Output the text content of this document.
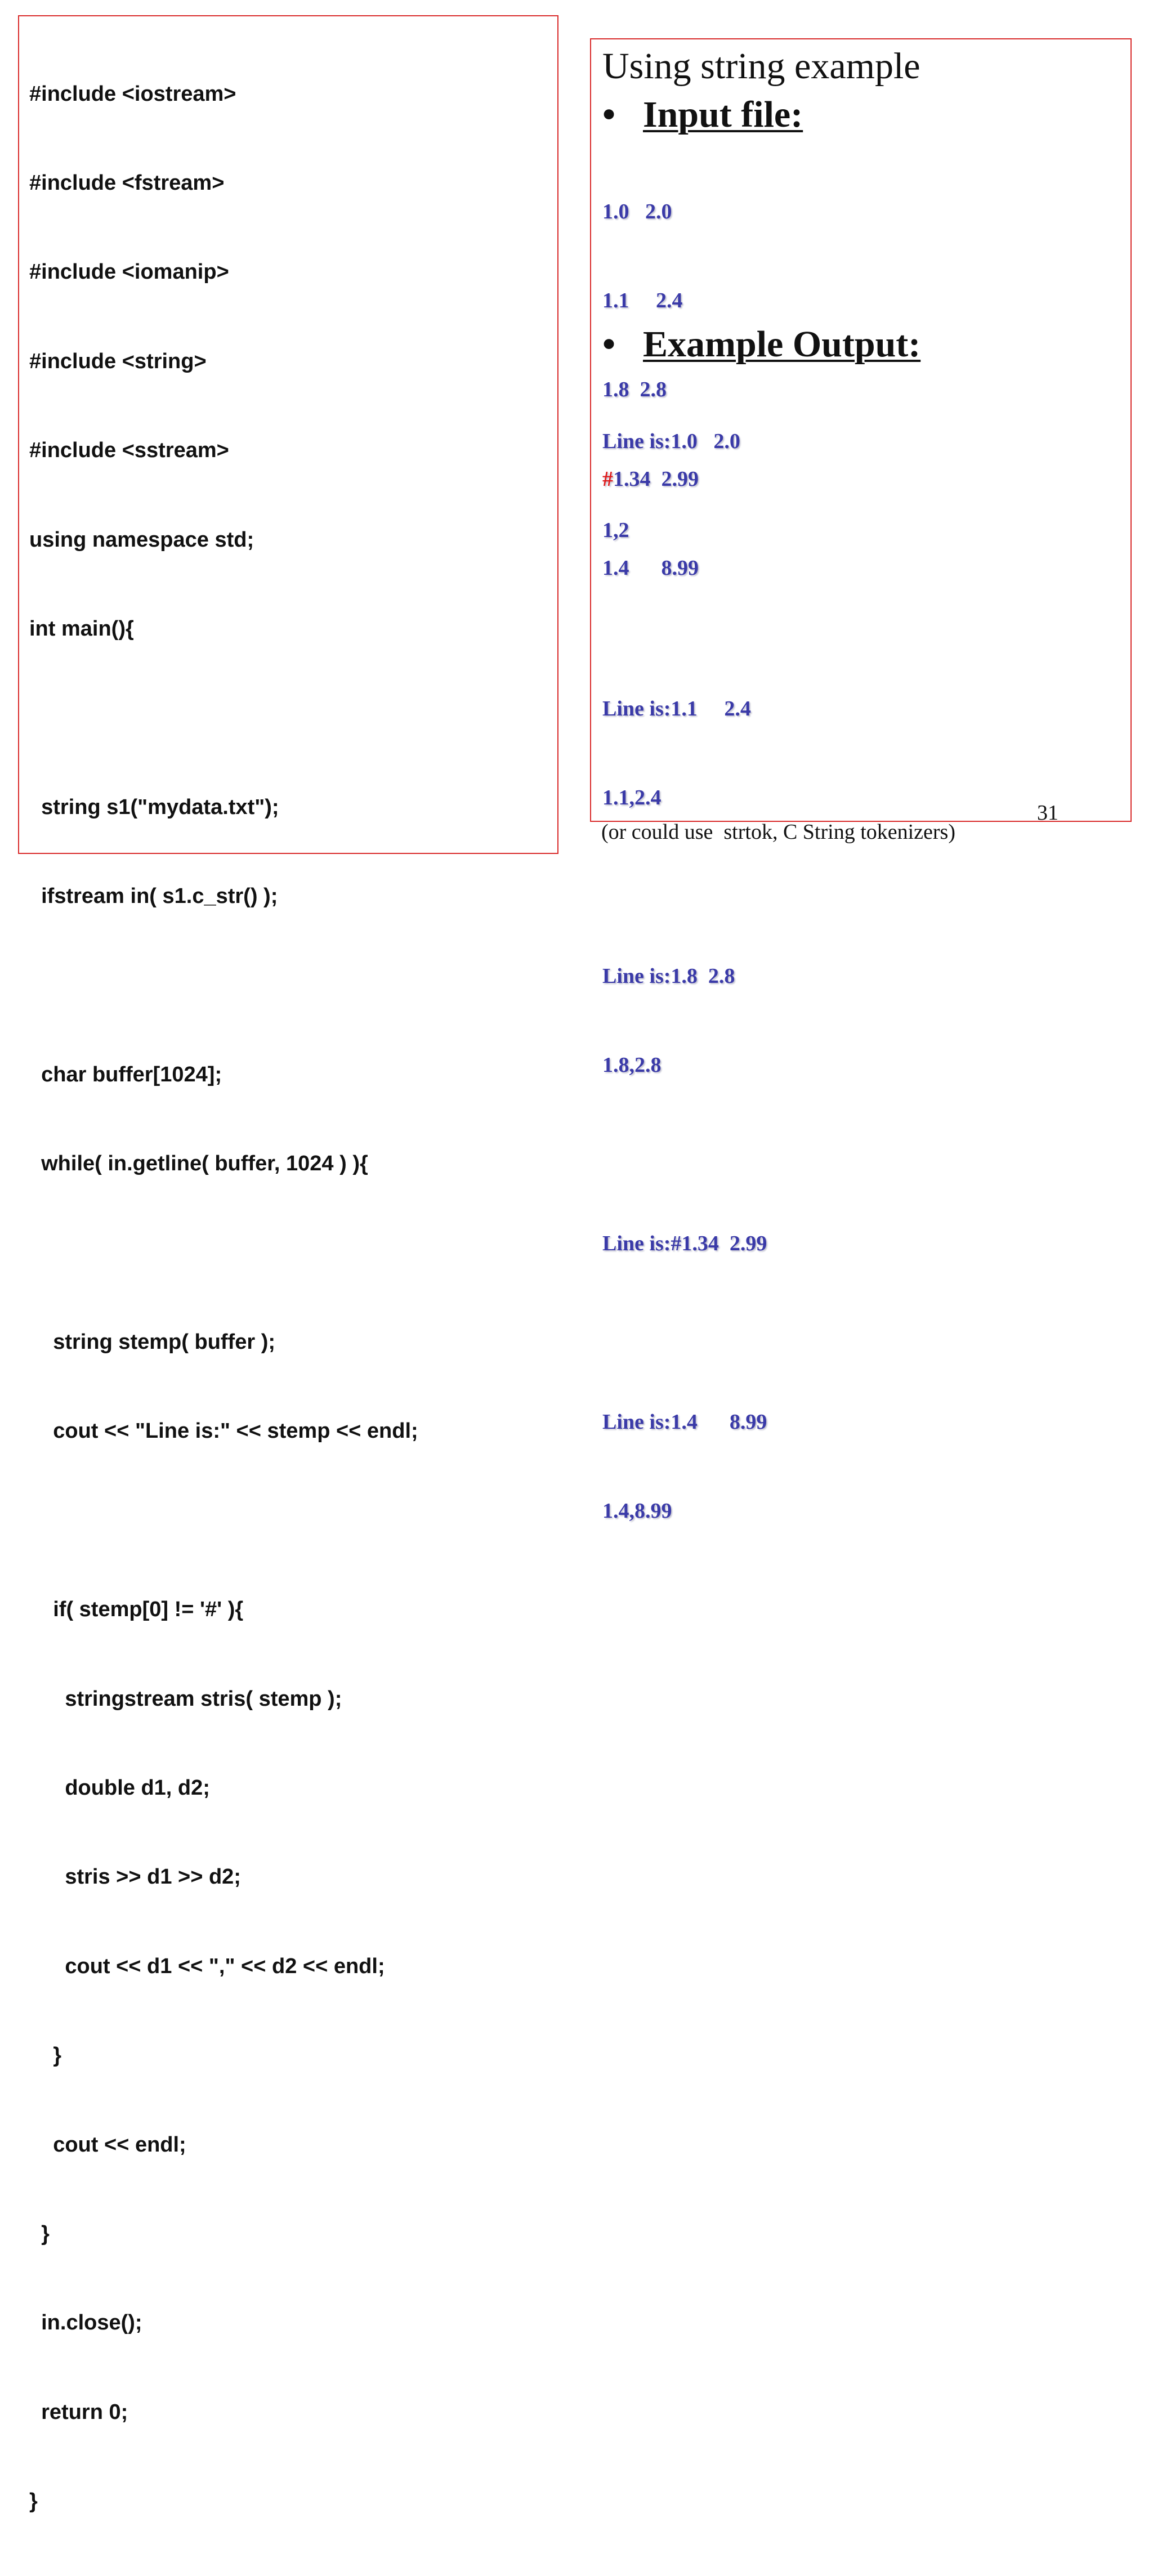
#include <iostream>

#include <fstream>

#include <iomanip>

#include <string>

#include <sstream>

using namespace std;

int main(){

string s1("mydata.txt");

ifstream in( s1.c_str() );

char buffer[1024];

while( in.getline( buffer, 1024 ) ){

string stemp( buffer );

cout << "Line is:" << stemp << endl;

if( stemp[0] != '#' ){

stringstream stris( stemp );

double d1, d2;

stris >> d1 >> d2;

cout << d1 << "," << d2 << endl;

}

cout << endl;

}

in.close();

return 0;

}

Using string example
• Input file:

1.0   2.0

1.1     2.4

1.8  2.8

#1.34  2.99

1.4      8.99

• Example Output:

Line is:1.0   2.0

1,2

Line is:1.1     2.4

1.1,2.4

Line is:1.8  2.8

1.8,2.8

Line is:#1.34  2.99

Line is:1.4      8.99

1.4,8.99

31
(or could use  strtok, C String tokenizers)
